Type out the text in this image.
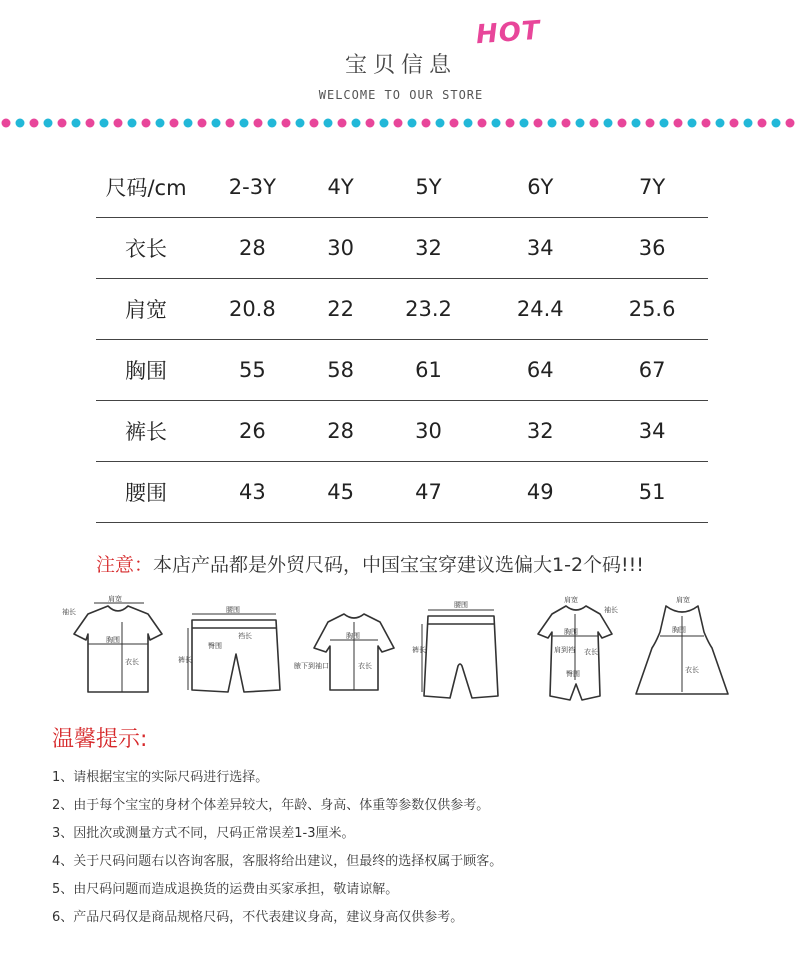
宝贝信息
HOT
WELCOME TO OUR STORE
尺码/cm	2-3Y	4Y	5Y	6Y	7Y
衣长	28	30	32	34	36
肩宽	20.8	22	23.2	24.4	25.6
胸围	55	58	61	64	67
裤长	26	28	30	32	34
腰围	43	45	47	49	51
注意：本店产品都是外贸尺码，中国宝宝穿建议选偏大1-2个码!!!
肩宽
袖长
胸围
衣长
腰围
臀围
裤长
裆长	胸围
衣长
腋下到袖口
腰围
裤长
肩宽
袖长
胸围
衣长
肩到裆
臀围
肩宽
胸围
衣长
温馨提示:
1、请根据宝宝的实际尺码进行选择。
2、由于每个宝宝的身材个体差异较大，年龄、身高、体重等参数仅供参考。
3、因批次或测量方式不同，尺码正常误差1-3厘米。
4、关于尺码问题右以咨询客服，客服将给出建议，但最终的选择权属于顾客。
5、由尺码问题而造成退换货的运费由买家承担，敬请谅解。
6、产品尺码仅是商品规格尺码，不代表建议身高，建议身高仅供参考。
